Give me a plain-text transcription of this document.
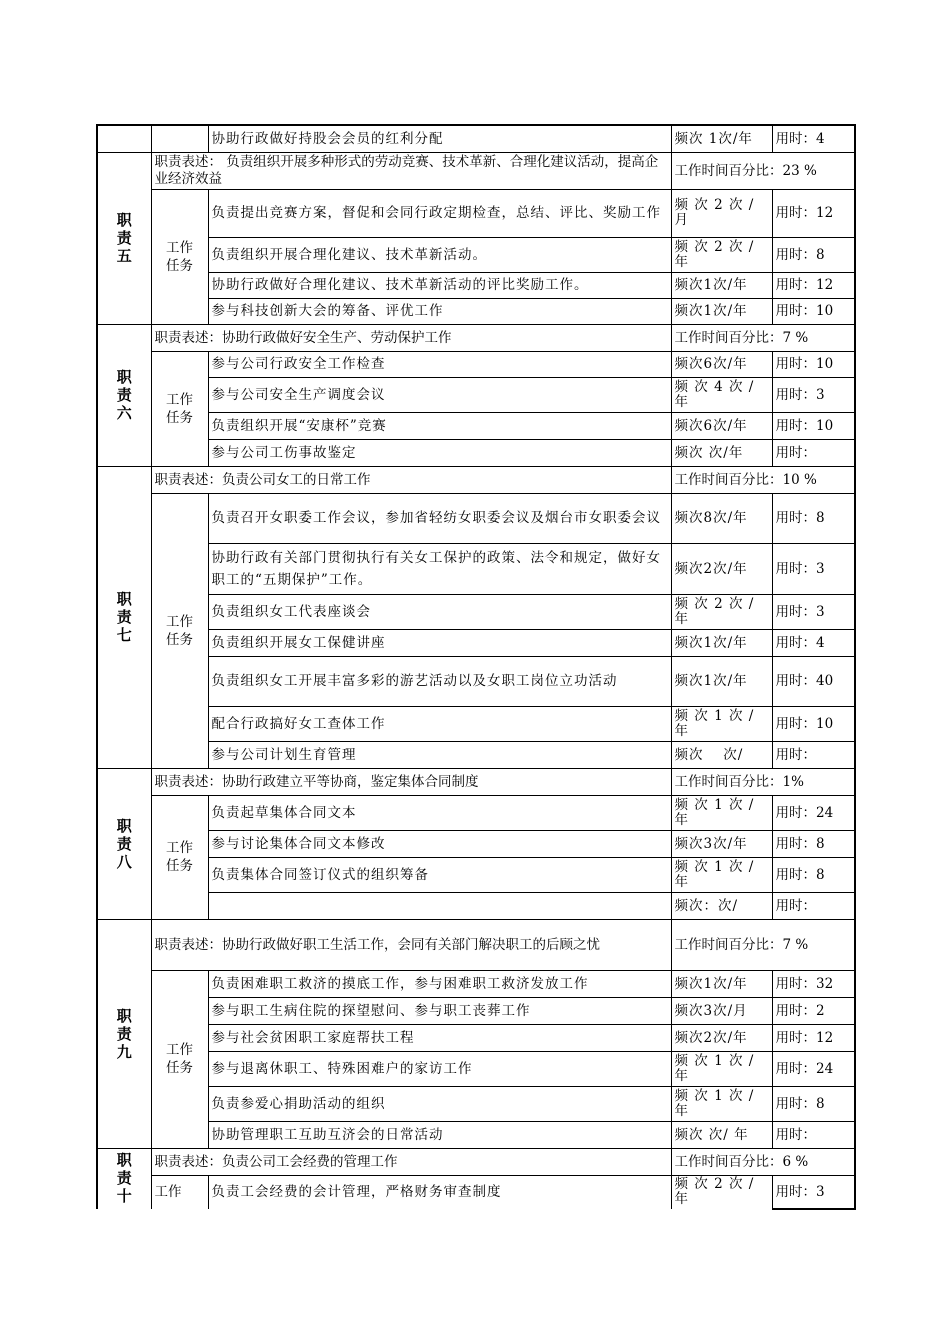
		协助行政做好持股会会员的红利分配	频次 1次/年	用时：4

职
责
五	职责表述： 负责组织开展多种形式的劳动竞赛、技术革新、合理化建议活动，提高企业经济效益		工作时间百分比：23 %	
	工作任务	负责提出竞赛方案，督促和会同行政定期检查，总结、评比、奖励工作	频 次 2 次 /月	用时：12
		负责组织开展合理化建议、技术革新活动。	频 次 2 次 /年	用时：8
		协助行政做好合理化建议、技术革新活动的评比奖励工作。	频次1次/年	用时：12
		参与科技创新大会的筹备、评优工作	频次1次/年	用时：10

职
责
六	职责表述：协助行政做好安全生产、劳动保护工作		工作时间百分比：7 %	
	工作任务	参与公司行政安全工作检查	频次6次/年	用时：10
		参与公司安全生产调度会议	频 次 4 次 /年	用时：3
		负责组织开展“安康杯”竞赛	频次6次/年	用时：10
		参与公司工伤事故鉴定	频次 次/年	用时：

职
责
七	职责表述：负责公司女工的日常工作		工作时间百分比：10 %	
	工作任务	负责召开女职委工作会议，参加省轻纺女职委会议及烟台市女职委会议	频次8次/年	用时：8
		协助行政有关部门贯彻执行有关女工保护的政策、法令和规定，做好女职工的“五期保护”工作。	频次2次/年	用时：3
		负责组织女工代表座谈会	频 次 2 次 /年	用时：3
		负责组织开展女工保健讲座	频次1次/年	用时：4
		负责组织女工开展丰富多彩的游艺活动以及女职工岗位立功活动	频次1次/年	用时：40
		配合行政搞好女工查体工作	频 次 1 次 /年	用时：10
		参与公司计划生育管理	频次　 次/	用时：

职
责
八	职责表述：协助行政建立平等协商，鉴定集体合同制度		工作时间百分比：1%	
	工作任务	负责起草集体合同文本	频 次 1 次 /年	用时：24
		参与讨论集体合同文本修改	频次3次/年	用时：8
		负责集体合同签订仪式的组织筹备	频 次 1 次 /年	用时：8
			频次：次/	用时：

职
责
九	职责表述：协助行政做好职工生活工作，会同有关部门解决职工的后顾之忧		工作时间百分比：7 %	
	工作任务	负责困难职工救济的摸底工作，参与困难职工救济发放工作	频次1次/年	用时：32
		参与职工生病住院的探望慰问、参与职工丧葬工作	频次3次/月	用时：2
		参与社会贫困职工家庭帮扶工程	频次2次/年	用时：12
		参与退离休职工、特殊困难户的家访工作	频 次 1 次 /年	用时：24
		负责参爱心捐助活动的组织	频 次 1 次 /年	用时：8
		协助管理职工互助互济会的日常活动	频次 次/ 年	用时：

职
责
十	职责表述：负责公司工会经费的管理工作		工作时间百分比：6 %	
	工作	负责工会经费的会计管理，严格财务审查制度	频 次 2 次 /年	用时：3
